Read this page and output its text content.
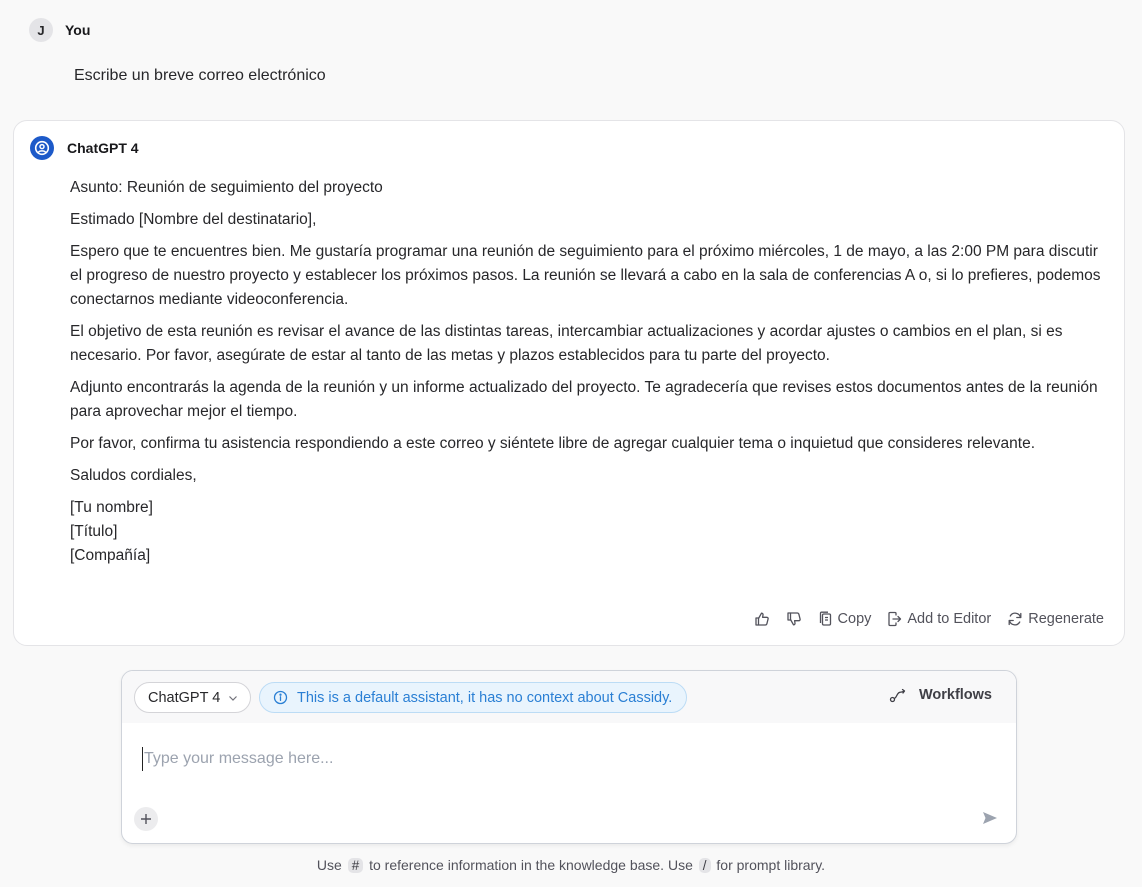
J	You
Escribe un breve correo electrónico
ChatGPT 4

Asunto: Reunión de seguimiento del proyecto

Estimado [Nombre del destinatario],

Espero que te encuentres bien. Me gustaría programar una reunión de seguimiento para el próximo miércoles, 1 de mayo, a las 2:00 PM para discutir el progreso de nuestro proyecto y establecer los próximos pasos. La reunión se llevará a cabo en la sala de conferencias A o, si lo prefieres, podemos conectarnos mediante videoconferencia.

El objetivo de esta reunión es revisar el avance de las distintas tareas, intercambiar actualizaciones y acordar ajustes o cambios en el plan, si es necesario. Por favor, asegúrate de estar al tanto de las metas y plazos establecidos para tu parte del proyecto.

Adjunto encontrarás la agenda de la reunión y un informe actualizado del proyecto. Te agradecería que revises estos documentos antes de la reunión para aprovechar mejor el tiempo.

Por favor, confirma tu asistencia respondiendo a este correo y siéntete libre de agregar cualquier tema o inquietud que consideres relevante.

Saludos cordiales,

[Tu nombre]

[Título]

[Compañía]

Copy Add to Editor	Regenerate
ChatGPT 4	This is a default assistant, it has no context about Cassidy.	Workflows
Type your message here...
Use # to reference information in the knowledge base. Use / for prompt library.
